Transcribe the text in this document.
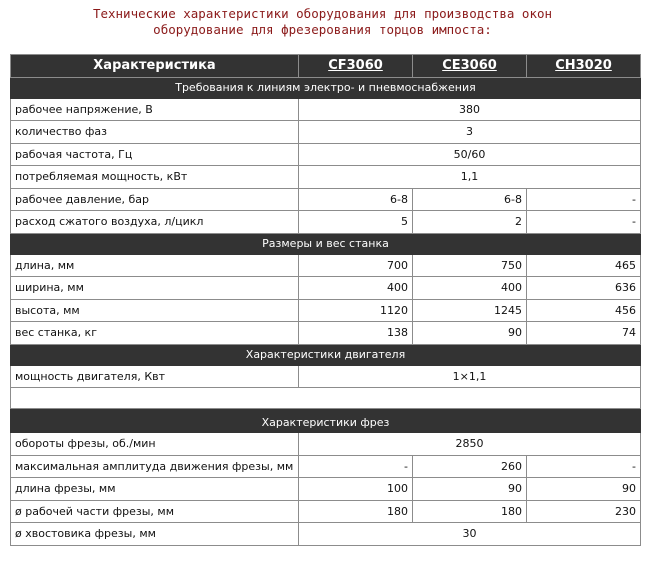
Технические характеристики оборудования для производства окон
оборудование для фрезерования торцов импоста:
Характеристика	CF3060	CE3060	CH3020
Требования к линиям электро- и пневмоснабжения			
рабочее напряжение, В	380		
количество фаз	3		
рабочая частота, Гц	50/60		
потребляемая мощность, кВт	1,1		
рабочее давление, бар	6-8	6-8	-
расход сжатого воздуха, л/цикл	5	2	-
Размеры и вес станка			
длина, мм	700	750	465
ширина, мм	400	400	636
высота, мм	1120	1245	456
вес станка, кг	138	90	74
Характеристики двигателя			
мощность двигателя, Квт	1×1,1		

Характеристики фрез			
обороты фрезы, об./мин	2850		
максимальная амплитуда движения фрезы, мм	-	260	-
длина фрезы, мм	100	90	90
ø рабочей части фрезы, мм	180	180	230
ø хвостовика фрезы, мм	30		
